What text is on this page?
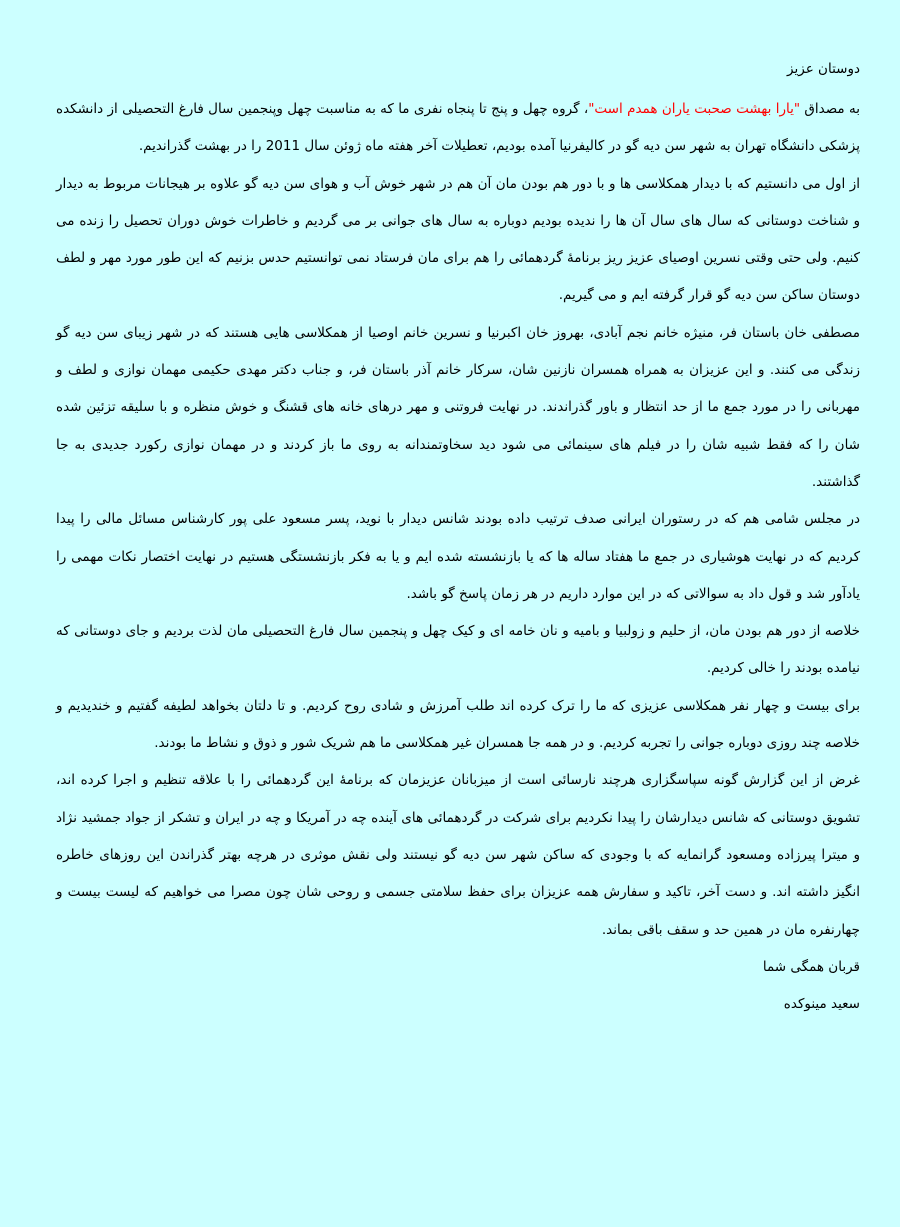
دوستان عزیز

به مصداق "یارا بهشت صحبت یاران همدم است"، گروه چهل و پنج تا پنجاه نفری ما که به مناسبت چهل وپنجمین سال فارغ التحصیلی از دانشکده پزشکی دانشگاه تهران به شهر سن دیه گو در کالیفرنیا آمده بودیم، تعطیلات آخر هفته ماه ژوئن سال 2011 را در بهشت گذراندیم.

از اول می دانستیم که با دیدار همکلاسی ها و با دور هم بودن مان آن هم در شهر خوش آب و هوای سن دیه گو علاوه بر هیجانات مربوط به دیدار و شناخت دوستانی که سال های سال آن ها را ندیده بودیم دوباره به سال های جوانی بر می گردیم و خاطرات خوش دوران تحصیل را زنده می کنیم. ولی حتی وقتی نسرین اوصیای عزیز ریز برنامهٔ گردهمائی را هم برای مان فرستاد نمی توانستیم حدس بزنیم که این طور مورد مهر و لطف دوستان ساکن سن دیه گو قرار گرفته ایم و می گیریم.

مصطفی خان باستان فر، منیژه خانم نجم آبادی، بهروز خان اکبرنیا و نسرین خانم اوصیا از همکلاسی هایی هستند که در شهر زیبای سن دیه گو زندگی می کنند. و این عزیزان به همراه همسران نازنین شان، سرکار خانم آذر باستان فر، و جناب دکتر مهدی حکیمی مهمان نوازی و لطف و مهربانی را در مورد جمع ما از حد انتظار و باور گذراندند. در نهایت فروتنی و مهر درهای خانه های قشنگ و خوش منظره و با سلیقه تزئین شده شان را که فقط شبیه شان را در فیلم های سینمائی می شود دید سخاوتمندانه به روی ما باز کردند و در مهمان نوازی رکورد جدیدی به جا گذاشتند.

در مجلس شامی هم که در رستوران ایرانی صدف ترتیب داده بودند شانس دیدار با نوید، پسر مسعود علی پور کارشناس مسائل مالی را پیدا کردیم که در نهایت هوشیاری در جمع ما هفتاد ساله ها که یا بازنشسته شده ایم و یا به فکر بازنشستگی هستیم در نهایت اختصار نکات مهمی را یادآور شد و قول داد به سوالاتی که در این موارد داریم در هر زمان پاسخ گو باشد.

خلاصه از دور هم بودن مان، از حلیم و زولبیا و بامیه و نان خامه ای و کیک چهل و پنجمین سال فارغ التحصیلی مان لذت بردیم و جای دوستانی که نیامده بودند را خالی کردیم.

برای بیست و چهار نفر همکلاسی عزیزی که ما را ترک کرده اند طلب آمرزش و شادی روح کردیم. و تا دلتان بخواهد لطیفه گفتیم و خندیدیم و خلاصه چند روزی دوباره جوانی را تجربه کردیم. و در همه جا همسران غیر همکلاسی ما هم شریک شور و ذوق و نشاط ما بودند.

غرض از این گزارش گونه سپاسگزاری هرچند نارسائی است از میزبانان عزیزمان که برنامهٔ این گردهمائی را با علاقه تنظیم و اجرا کرده اند، تشویق دوستانی که شانس دیدارشان را پیدا نکردیم برای شرکت در گردهمائی های آینده چه در آمریکا و چه در ایران و تشکر از جواد جمشید نژاد و میترا پیرزاده ومسعود گرانمایه که با وجودی که ساکن شهر سن دیه گو نیستند ولی نقش موثری در هرچه بهتر گذراندن این روزهای خاطره انگیز داشته اند. و دست آخر، تاکید و سفارش همه عزیزان برای حفظ سلامتی جسمی و روحی شان چون مصرا می خواهیم که لیست بیست و چهارنفره مان در همین حد و سقف باقی بماند.

قربان همگی شما

سعید مینوکده
